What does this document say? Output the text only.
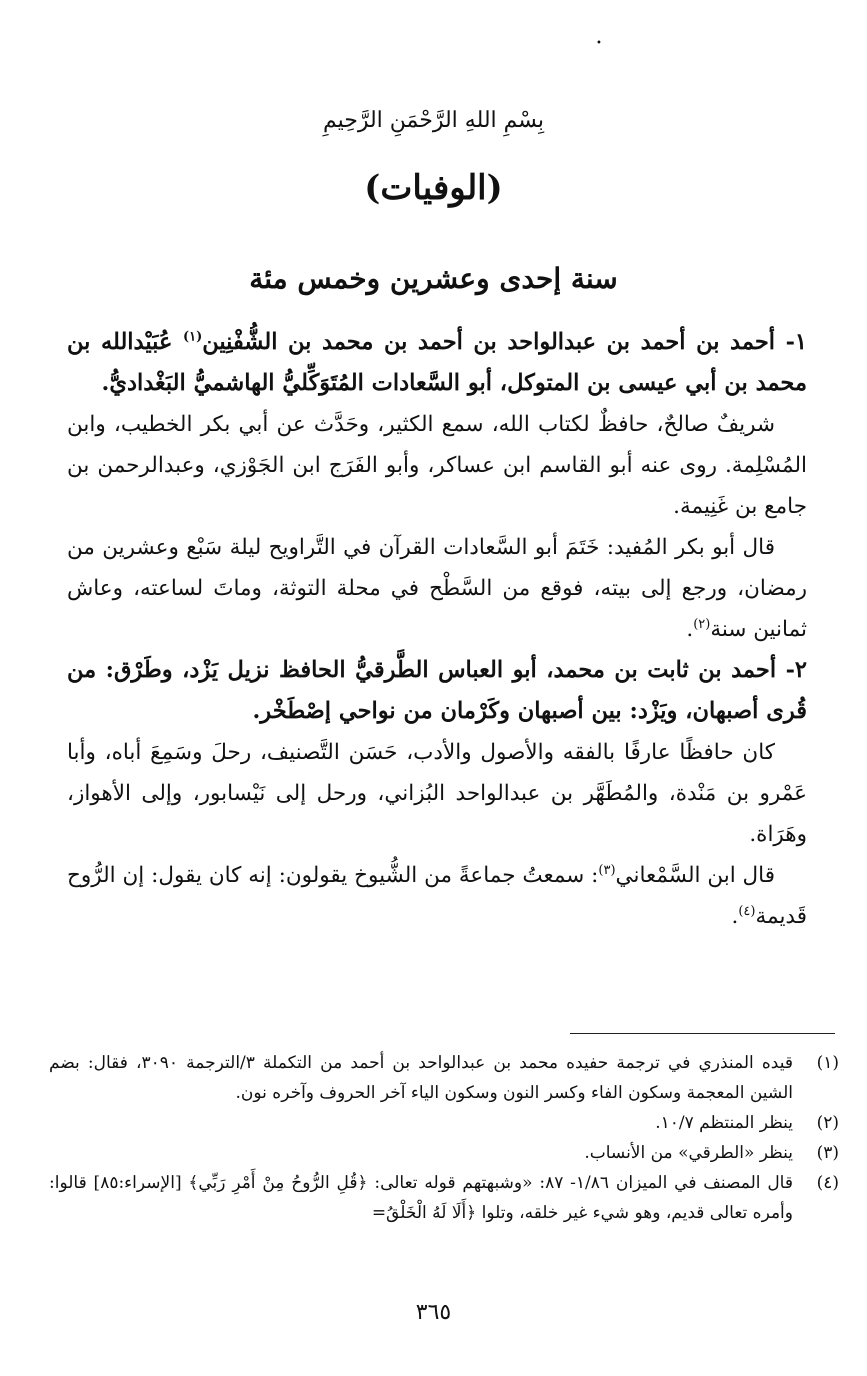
•
بِسْمِ اللهِ الرَّحْمَنِ الرَّحِيمِ
(الوفيات)
سنة إحدى وعشرين وخمس مئة

١- أحمد بن أحمد بن عبدالواحد بن أحمد بن محمد بن الشُّفْنِين$^{(١)}$ عُبَيْدالله بن محمد بن أبي عيسى بن المتوكل، أبو السَّعادات المُتَوَكِّليُّ الهاشميُّ البَغْداديُّ.

شريفٌ صالحٌ، حافظٌ لكتاب الله، سمع الكثير، وحَدَّث عن أبي بكر الخطيب، وابن المُسْلِمة. روى عنه أبو القاسم ابن عساكر، وأبو الفَرَج ابن الجَوْزي، وعبدالرحمن بن جامع بن غَنِيمة.

قال أبو بكر المُفيد: خَتَمَ أبو السَّعادات القرآن في التَّراويح ليلة سَبْع وعشرين من رمضان، ورجع إلى بيته، فوقع من السَّطْح في محلة التوثة، وماتَ لساعته، وعاش ثمانين سنة$^{(٢)}$.

٢- أحمد بن ثابت بن محمد، أبو العباس الطَّرقيُّ الحافظ نزيل يَزْد، وطَرْق: من قُرى أصبهان، ويَزْد: بين أصبهان وكَرْمان من نواحي إصْطَخْر.

كان حافظًا عارفًا بالفقه والأصول والأدب، حَسَن التَّصنيف، رحلَ وسَمِعَ أباه، وأبا عَمْرو بن مَنْدة، والمُطَهَّر بن عبدالواحد البُزاني، ورحل إلى نَيْسابور، وإلى الأهواز، وهَرَاة.

قال ابن السَّمْعاني$^{(٣)}$: سمعتُ جماعةً من الشُّيوخ يقولون: إنه كان يقول: إن الرُّوح قَديمة$^{(٤)}$.

(١)
قيده المنذري في ترجمة حفيده محمد بن عبدالواحد بن أحمد من التكملة ٣/الترجمة ٣٠٩٠، فقال: بضم الشين المعجمة وسكون الفاء وكسر النون وسكون الياء آخر الحروف وآخره نون.
(٢)
ينظر المنتظم ١٠/٧.
(٣)
ينظر «الطرقي» من الأنساب.
(٤)
قال المصنف في الميزان ١/٨٦- ٨٧: «وشبهتهم قوله تعالى: ﴿قُلِ الرُّوحُ مِنْ أَمْرِ رَبِّي﴾ [الإسراء:٨٥] قالوا: وأمره تعالى قديم، وهو شيء غير خلقه، وتلوا ﴿أَلَا لَهُ الْخَلْقُ=
٣٦٥
